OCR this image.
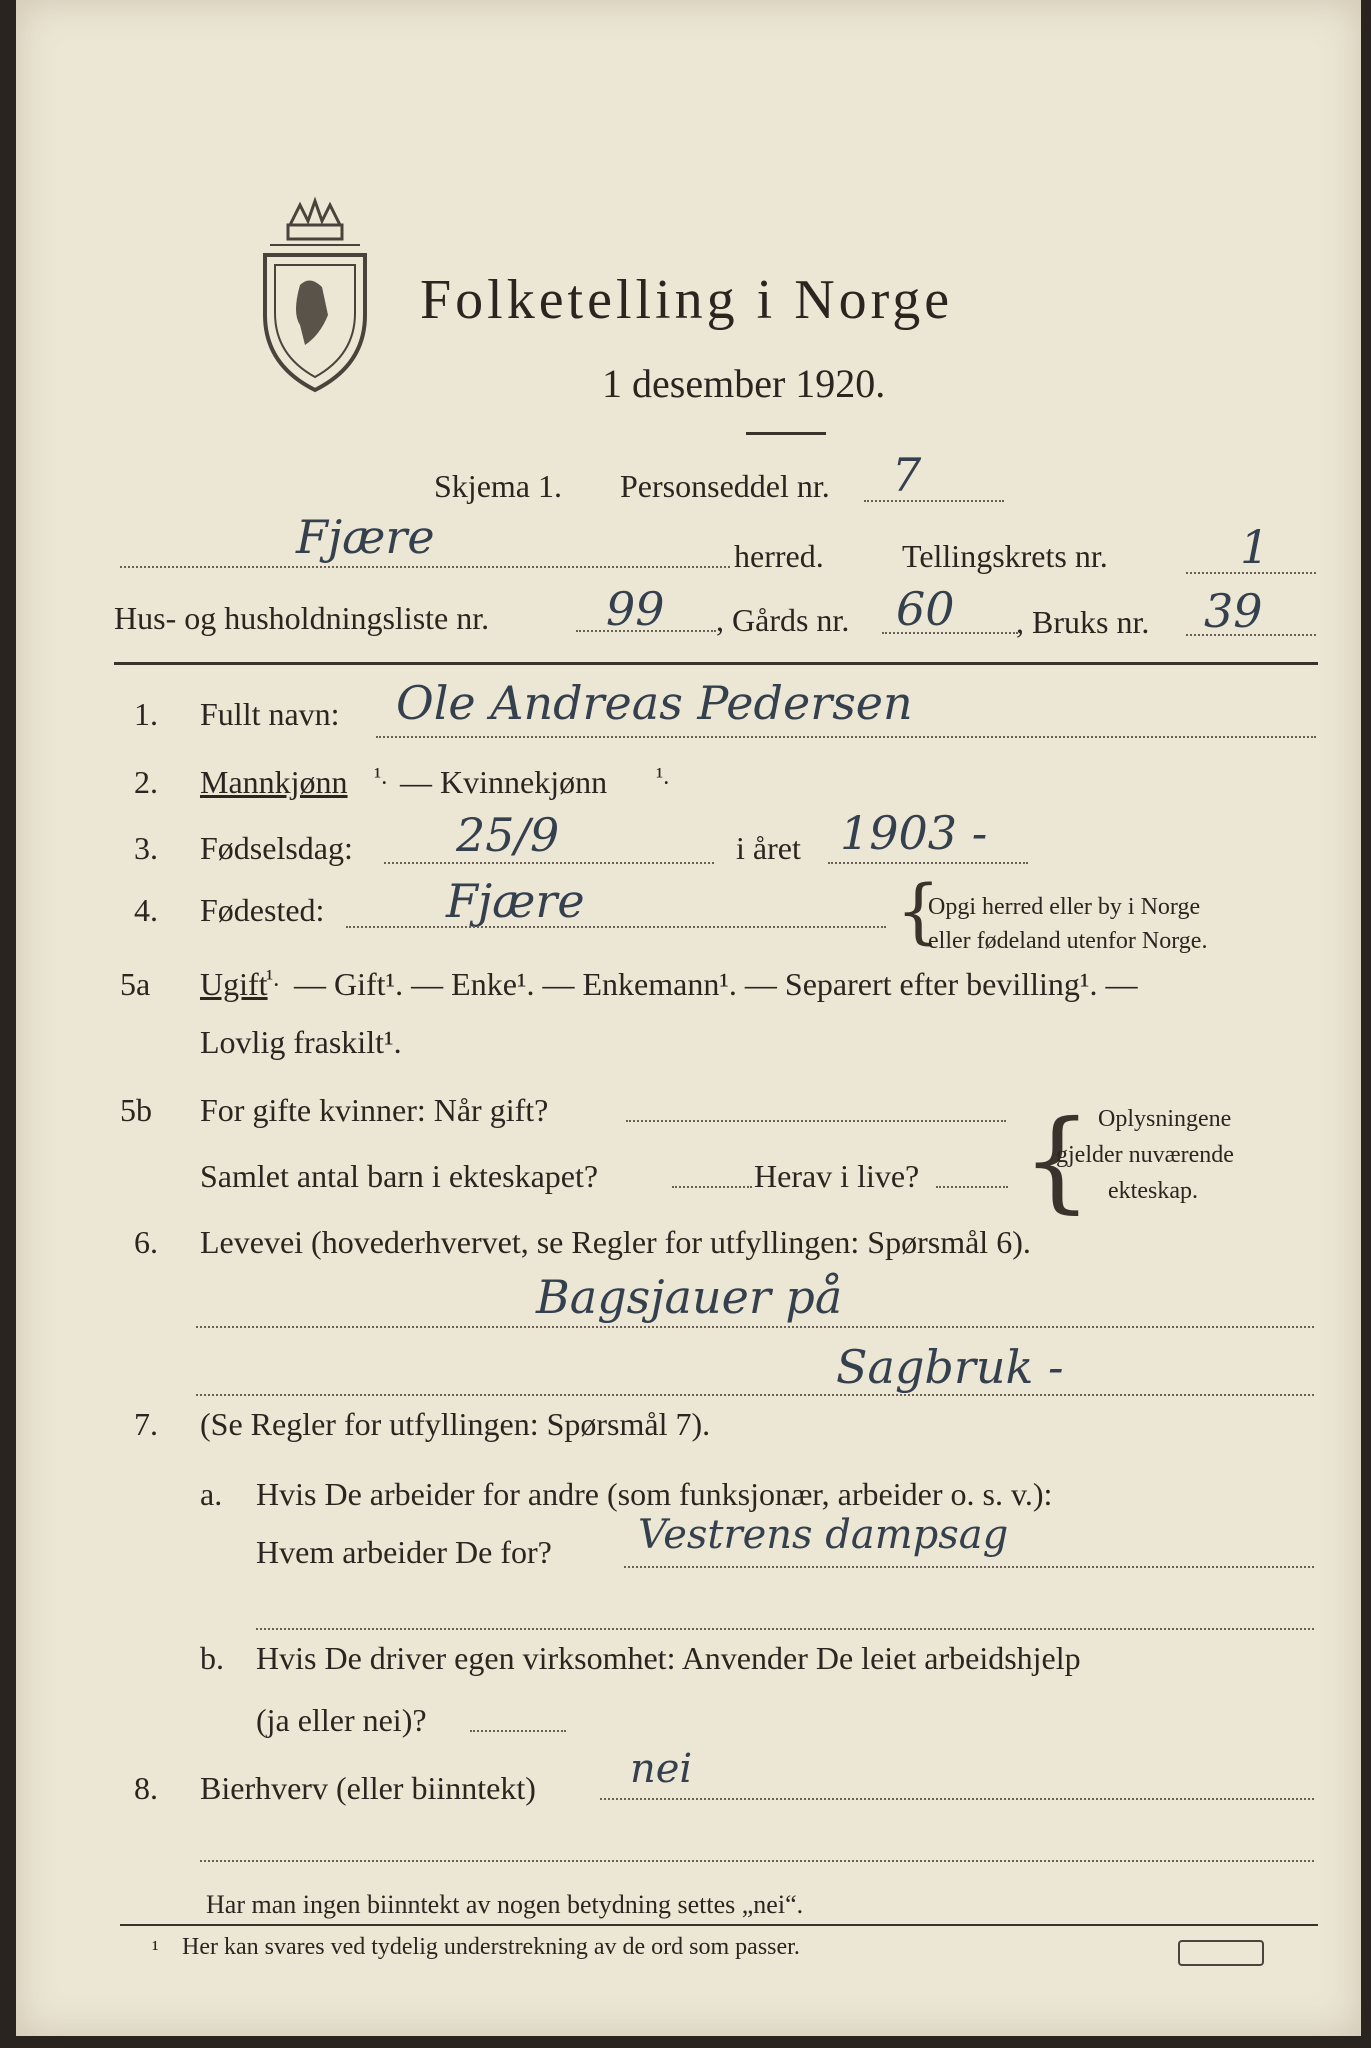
Folketelling i Norge
1 desember 1920.
Skjema 1. Personseddel nr. 7
Fjære	herred. Tellingskrets nr.	1
Hus- og husholdningsliste nr.	99 , Gårds nr. 60 , Bruks nr. 39
1. Fullt navn: Ole Andreas Pedersen
2. Mannkjønn ¹. — Kvinnekjønn ¹.
3. Fødselsdag: 25/9	i året 1903 -
4. Fødested:	Fjære	{
Opgi herred eller by i Norge
eller fødeland utenfor Norge.
5a Ugift
¹. — Gift¹. — Enke¹. — Enkemann¹. — Separert efter bevilling¹. —
Lovlig fraskilt¹.
5b For gifte kvinner: Når gift?
Samlet antal barn i ekteskapet?	Herav i live? { Oplysningene
gjelder nuværende
ekteskap.
6. Levevei (hovederhvervet, se Regler for utfyllingen: Spørsmål 6).
Bagsjauer på
Sagbruk -
7. (Se Regler for utfyllingen: Spørsmål 7).
a. Hvis De arbeider for andre (som funksjonær, arbeider o. s. v.):
Hvem arbeider De for? Vestrens dampsag
b. Hvis De driver egen virksomhet: Anvender De leiet arbeidshjelp
(ja eller nei)?
8. Bierhverv (eller biinntekt) nei
Har man ingen biinntekt av nogen betydning settes „nei“.
¹ Her kan svares ved tydelig understrekning av de ord som passer.
